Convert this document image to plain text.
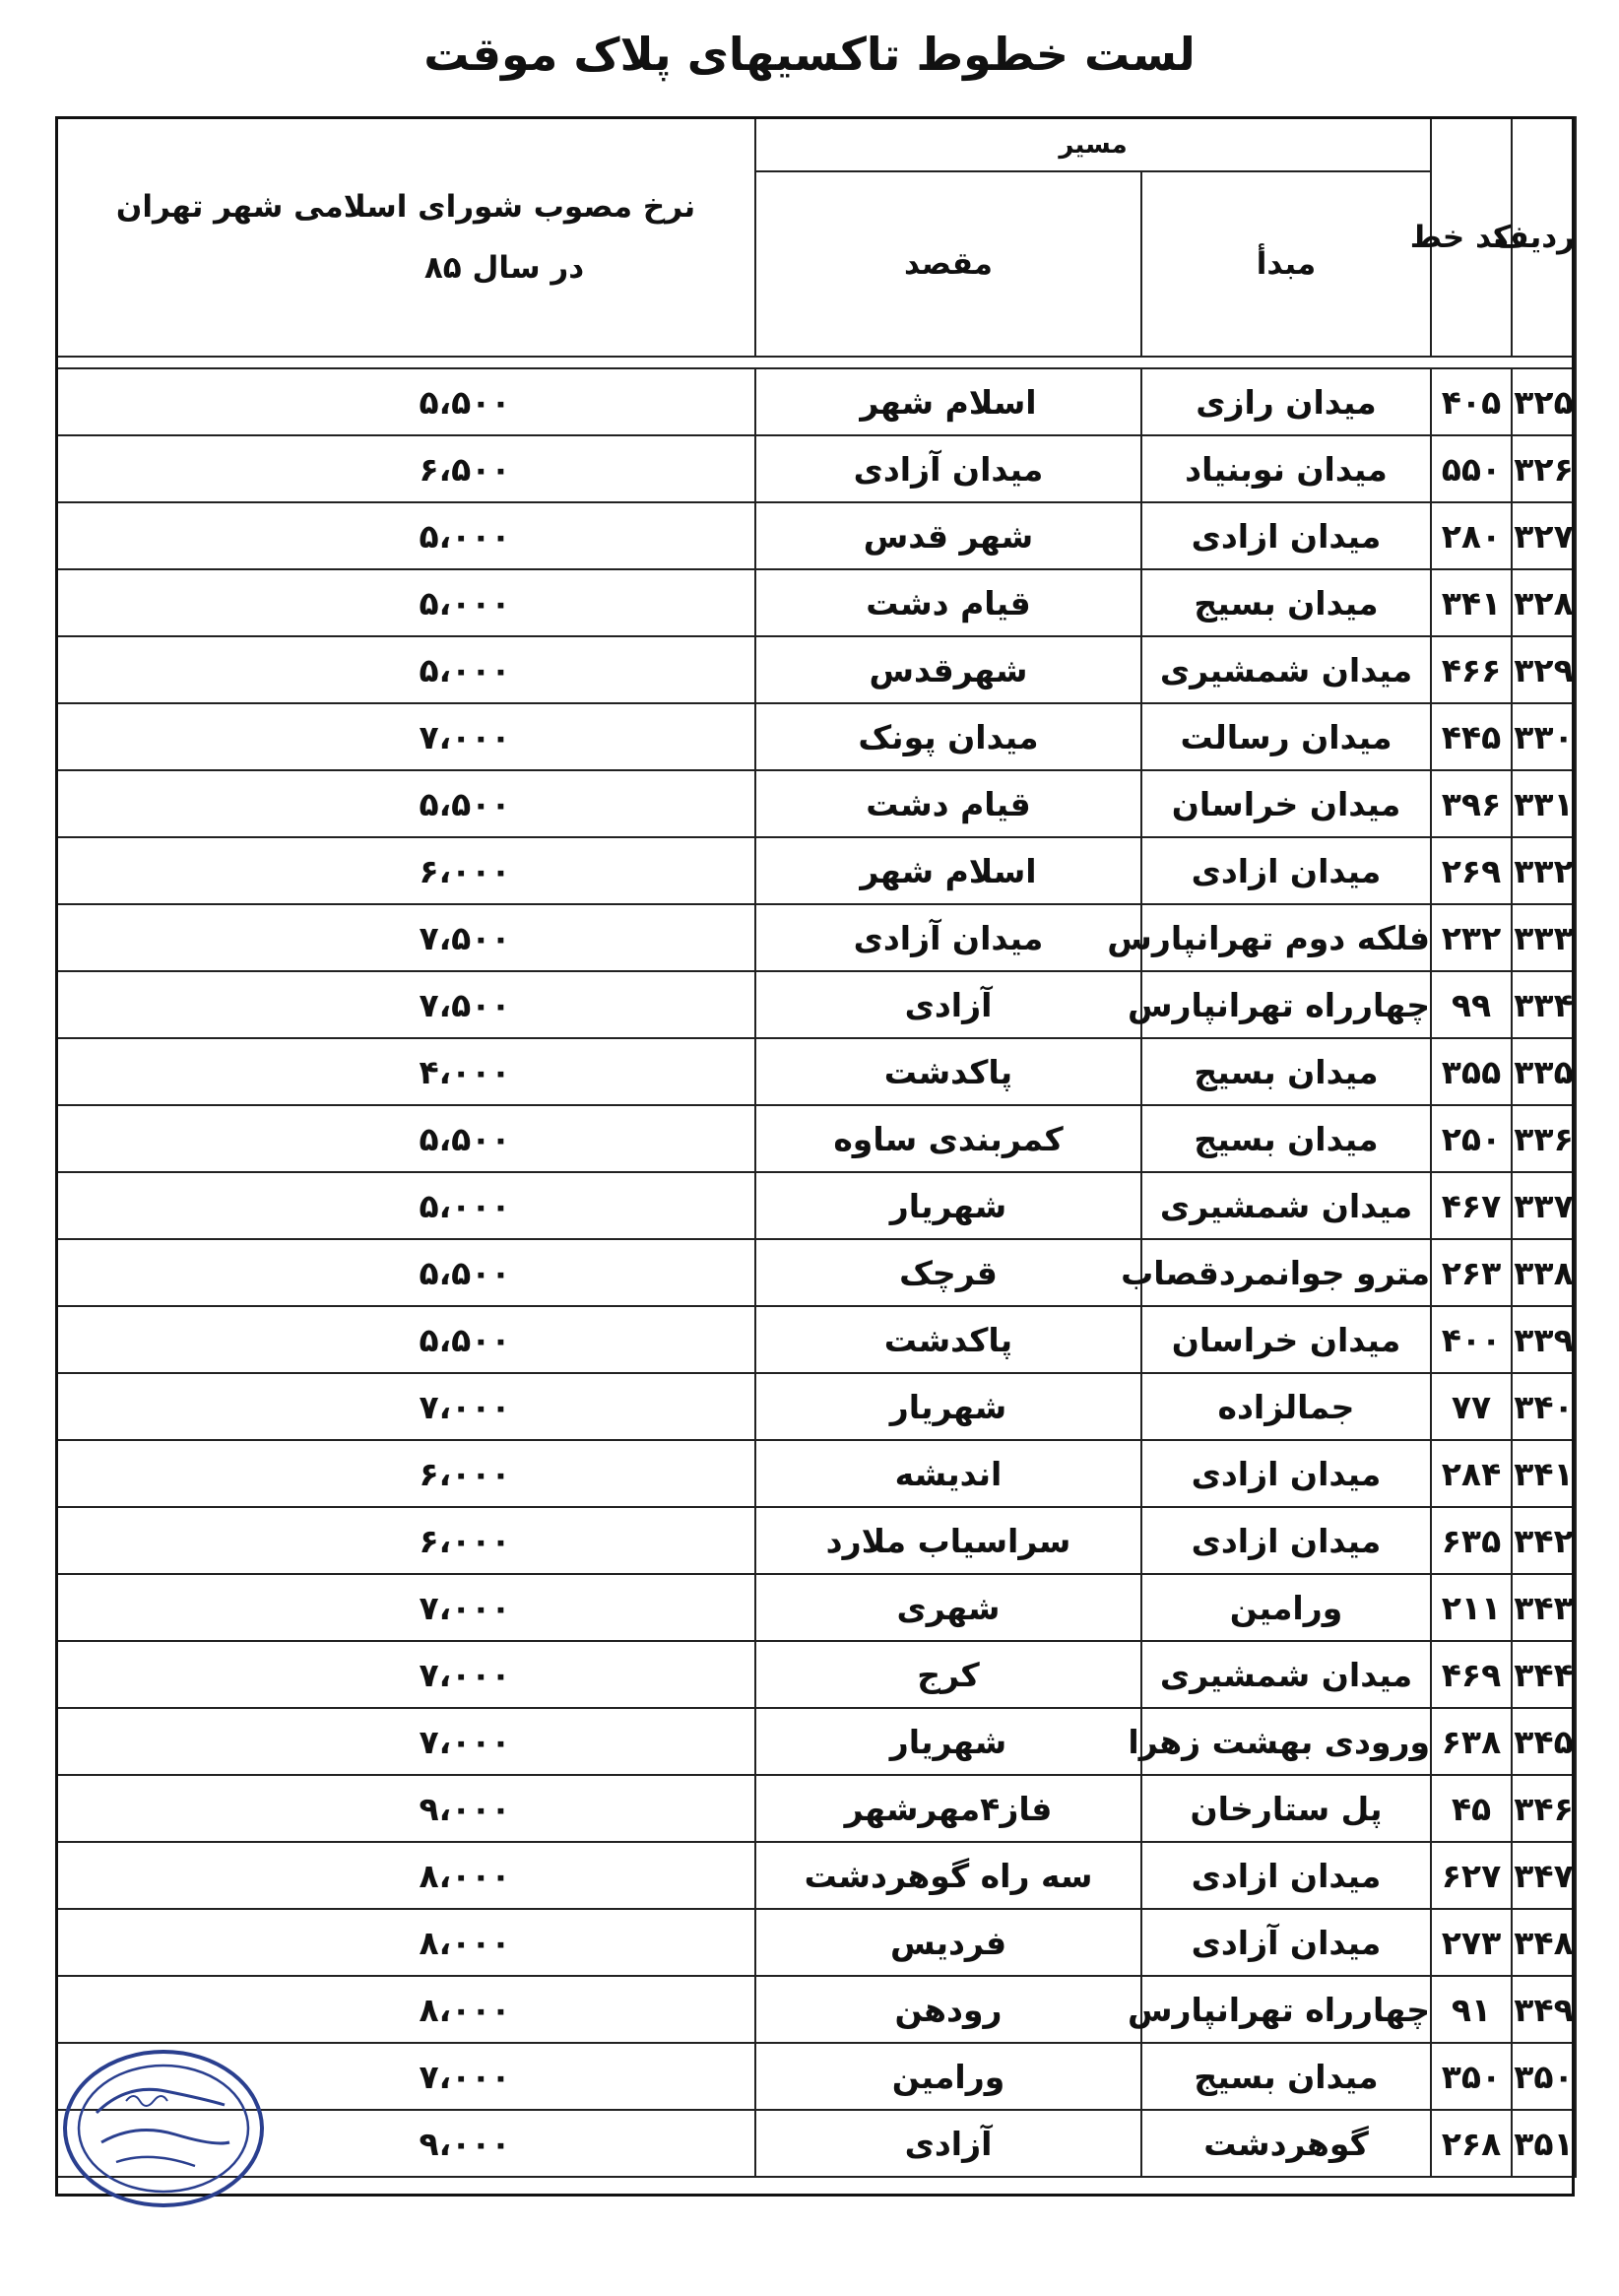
لست خطوط تاکسیهای پلاک موقت
ردیف	کد خط	مسیر		نرخ مصوب شورای اسلامی شهر تهران
در سال ۸۵

		مبدأ	مقصد	

۳۲۵	۴۰۵	میدان رازی	اسلام شهر	۵،۵۰۰
۳۲۶	۵۵۰	میدان نوبنیاد	میدان آزادی	۶،۵۰۰
۳۲۷	۲۸۰	میدان ازادی	شهر قدس	۵،۰۰۰
۳۲۸	۳۴۱	میدان بسیج	قیام دشت	۵،۰۰۰
۳۲۹	۴۶۶	میدان شمشیری	شهرقدس	۵،۰۰۰
۳۳۰	۴۴۵	میدان رسالت	میدان پونک	۷،۰۰۰
۳۳۱	۳۹۶	میدان خراسان	قیام دشت	۵،۵۰۰
۳۳۲	۲۶۹	میدان ازادی	اسلام شهر	۶،۰۰۰
۳۳۳	۲۳۲	فلکه دوم تهرانپارس	میدان آزادی	۷،۵۰۰
۳۳۴	۹۹	چهارراه تهرانپارس	آزادی	۷،۵۰۰
۳۳۵	۳۵۵	میدان بسیج	پاکدشت	۴،۰۰۰
۳۳۶	۲۵۰	میدان بسیج	کمربندی ساوه	۵،۵۰۰
۳۳۷	۴۶۷	میدان شمشیری	شهریار	۵،۰۰۰
۳۳۸	۲۶۳	مترو جوانمردقصاب	قرچک	۵،۵۰۰
۳۳۹	۴۰۰	میدان خراسان	پاکدشت	۵،۵۰۰
۳۴۰	۷۷	جمالزاده	شهریار	۷،۰۰۰
۳۴۱	۲۸۴	میدان ازادی	اندیشه	۶،۰۰۰
۳۴۲	۶۳۵	میدان ازادی	سراسیاب ملارد	۶،۰۰۰
۳۴۳	۲۱۱	ورامین	شهری	۷،۰۰۰
۳۴۴	۴۶۹	میدان شمشیری	کرج	۷،۰۰۰
۳۴۵	۶۳۸	ورودی بهشت زهرا	شهریار	۷،۰۰۰
۳۴۶	۴۵	پل ستارخان	فاز۴مهرشهر	۹،۰۰۰
۳۴۷	۶۲۷	میدان ازادی	سه راه گوهردشت	۸،۰۰۰
۳۴۸	۲۷۳	میدان آزادی	فردیس	۸،۰۰۰
۳۴۹	۹۱	چهارراه تهرانپارس	رودهن	۸،۰۰۰
۳۵۰	۳۵۰	میدان بسیج	ورامین	۷،۰۰۰
۳۵۱	۲۶۸	گوهردشت	آزادی	۹،۰۰۰
